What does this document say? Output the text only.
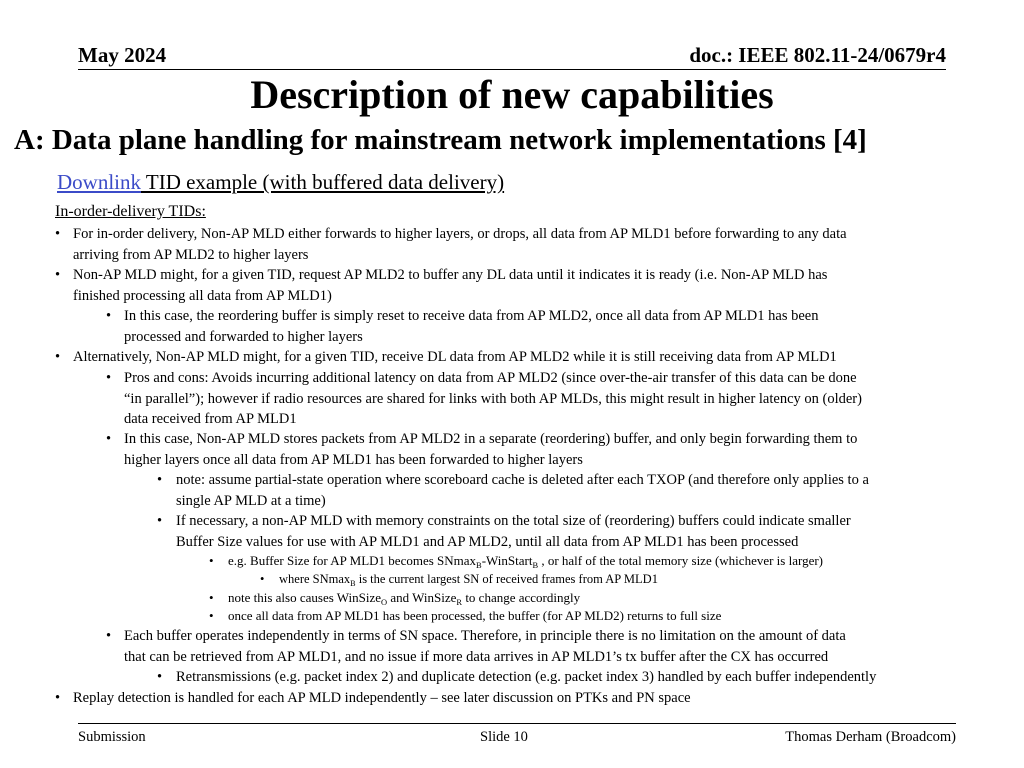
May 2024	doc.: IEEE 802.11-24/0679r4
Description of new capabilities
A: Data plane handling for mainstream network implementations [4]
Downlink TID example (with buffered data delivery)
In-order-delivery TIDs:
• For in-order delivery, Non-AP MLD either forwards to higher layers, or drops, all data from AP MLD1 before forwarding to any data
arriving from AP MLD2 to higher layers
• Non-AP MLD might, for a given TID, request AP MLD2 to buffer any DL data until it indicates it is ready (i.e. Non-AP MLD has
finished processing all data from AP MLD1)
• In this case, the reordering buffer is simply reset to receive data from AP MLD2, once all data from AP MLD1 has been
processed and forwarded to higher layers
• Alternatively, Non-AP MLD might, for a given TID, receive DL data from AP MLD2 while it is still receiving data from AP MLD1
• Pros and cons: Avoids incurring additional latency on data from AP MLD2 (since over-the-air transfer of this data can be done
“in parallel”); however if radio resources are shared for links with both AP MLDs, this might result in higher latency on (older)
data received from AP MLD1
• In this case, Non-AP MLD stores packets from AP MLD2 in a separate (reordering) buffer, and only begin forwarding them to
higher layers once all data from AP MLD1 has been forwarded to higher layers
• note: assume partial-state operation where scoreboard cache is deleted after each TXOP (and therefore only applies to a
single AP MLD at a time)
• If necessary, a non-AP MLD with memory constraints on the total size of (reordering) buffers could indicate smaller
Buffer Size values for use with AP MLD1 and AP MLD2, until all data from AP MLD1 has been processed
• e.g. Buffer Size for AP MLD1 becomes SNmax$_B$-WinStart$_B$ , or half of the total memory size (whichever is larger)
• where SNmax$_B$ is the current largest SN of received frames from AP MLD1
• note this also causes WinSize$_O$ and WinSize$_R$ to change accordingly
• once all data from AP MLD1 has been processed, the buffer (for AP MLD2) returns to full size
• Each buffer operates independently in terms of SN space. Therefore, in principle there is no limitation on the amount of data
that can be retrieved from AP MLD1, and no issue if more data arrives in AP MLD1’s tx buffer after the CX has occurred
• Retransmissions (e.g. packet index 2) and duplicate detection (e.g. packet index 3) handled by each buffer independently
• Replay detection is handled for each AP MLD independently – see later discussion on PTKs and PN space
Submission	Slide 10	Thomas Derham (Broadcom)
